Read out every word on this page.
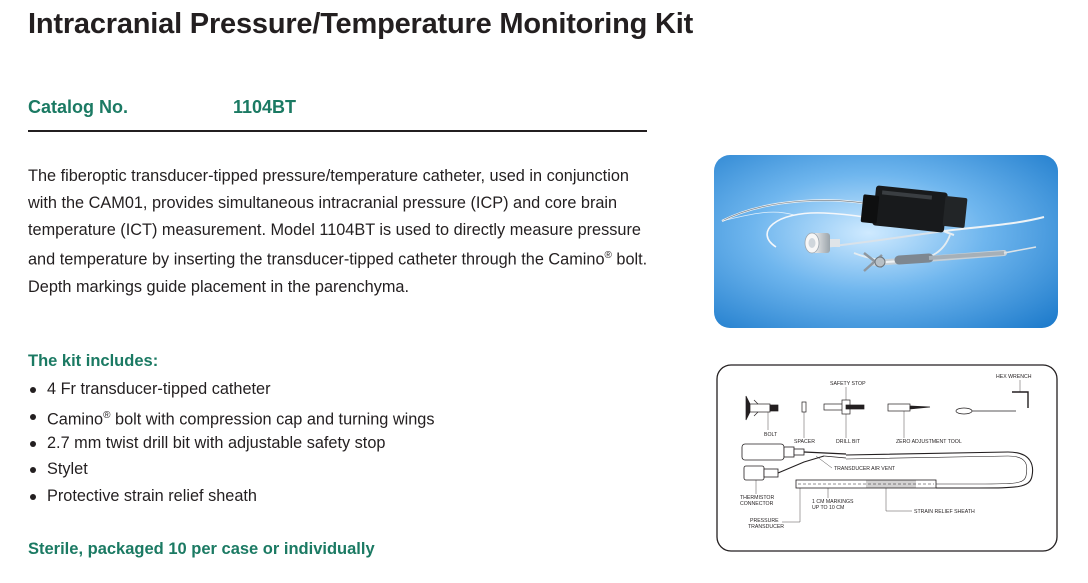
Intracranial Pressure/Temperature Monitoring Kit
Catalog No.	1104BT
The fiberoptic transducer-tipped pressure/temperature catheter, used in conjunction with the CAM01, provides simultaneous intracranial pressure (ICP) and core brain temperature (ICT) measurement. Model 1104BT is used to directly measure pressure and temperature by inserting the transducer-tipped catheter through the Camino® bolt. Depth markings guide placement in the parenchyma.
The kit includes:
4 Fr transducer-tipped catheter
Camino® bolt with compression cap and turning wings
2.7 mm twist drill bit with adjustable safety stop
Stylet
Protective strain relief sheath
Sterile, packaged 10 per case or individually
BOLT
SPACER
SAFETY STOP
DRILL BIT	ZERO ADJUSTMENT TOOL
HEX WRENCH
TRANSDUCER AIR VENT
THERMISTOR
CONNECTOR	1 CM MARKINGS
UP TO 10 CM
STRAIN RELIEF SHEATH
PRESSURE
TRANSDUCER
